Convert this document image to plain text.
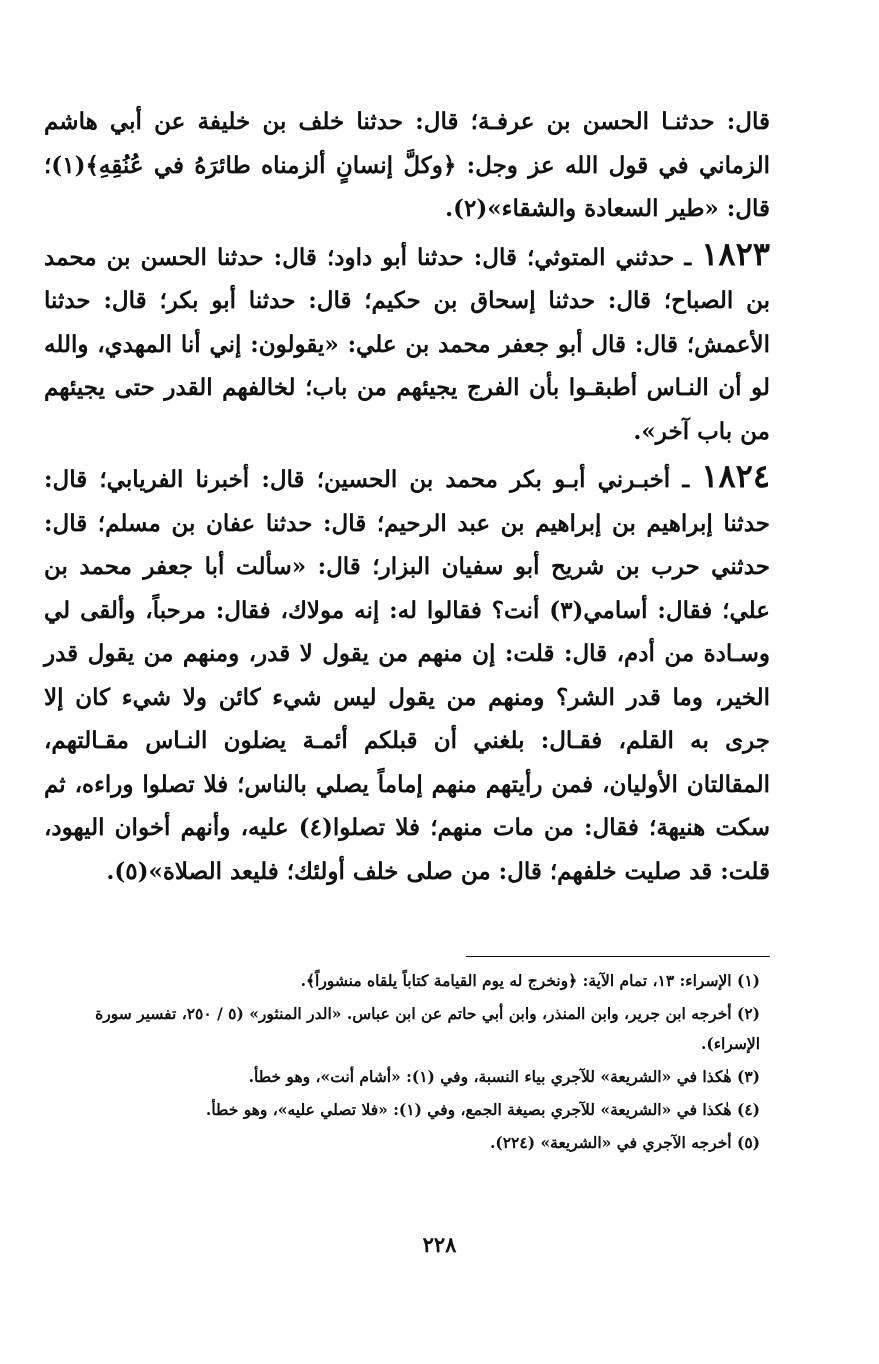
قال: حدثنـا الحسن بن عرفـة؛ قال: حدثنا خلف بن خليفة عن أبي هاشم الزماني في قول الله عز وجل: ﴿وكلَّ إنسانٍ ألزمناه طائرَهُ في عُنُقِهِ﴾(١)؛ قال: «طير السعادة والشقاء»(٢).

١٨٢٣ ـ حدثني المتوثي؛ قال: حدثنا أبو داود؛ قال: حدثنا الحسن بن محمد بن الصباح؛ قال: حدثنا إسحاق بن حكيم؛ قال: حدثنا أبو بكر؛ قال: حدثنا الأعمش؛ قال: قال أبو جعفر محمد بن علي: «يقولون: إني أنا المهدي، والله لو أن النـاس أطبقـوا بأن الفرج يجيئهم من باب؛ لخالفهم القدر حتى يجيئهم من باب آخر».

١٨٢٤ ـ أخبـرني أبـو بكر محمد بن الحسين؛ قال: أخبرنا الفريابي؛ قال: حدثنا إبراهيم بن إبراهيم بن عبد الرحيم؛ قال: حدثنا عفان بن مسلم؛ قال: حدثني حرب بن شريح أبو سفيان البزار؛ قال: «سألت أبا جعفر محمد بن علي؛ فقال: أسامي(٣) أنت؟ فقالوا له: إنه مولاك، فقال: مرحباً، وألقى لي وسـادة من أدم، قال: قلت: إن منهم من يقول لا قدر، ومنهم من يقول قدر الخير، وما قدر الشر؟ ومنهم من يقول ليس شيء كائن ولا شيء كان إلا جرى به القلم، فقـال: بلغني أن قبلكم أئمـة يضلون النـاس مقـالتهم، المقالتان الأوليان، فمن رأيتهم منهم إماماً يصلي بالناس؛ فلا تصلوا وراءه، ثم سكت هنيهة؛ فقال: من مات منهم؛ فلا تصلوا(٤) عليه، وأنهم أخوان اليهود، قلت: قد صليت خلفهم؛ قال: من صلى خلف أولئك؛ فليعد الصلاة»(٥).

(١) الإسراء: ١٣، تمام الآية: ﴿ونخرج له يوم القيامة كتاباً يلقاه منشوراً﴾.

(٢) أخرجه ابن جرير، وابن المنذر، وابن أبي حاتم عن ابن عباس. «الدر المنثور» (٥ / ٢٥٠، تفسير سورة الإسراء).

(٣) هٰكذا في «الشريعة» للآجري بياء النسبة، وفي (١): «أشام أنت»، وهو خطأ.

(٤) هٰكذا في «الشريعة» للآجري بصيغة الجمع، وفي (١): «فلا تصلي عليه»، وهو خطأ.

(٥) أخرجه الآجري في «الشريعة» (٢٢٤).

٢٢٨
